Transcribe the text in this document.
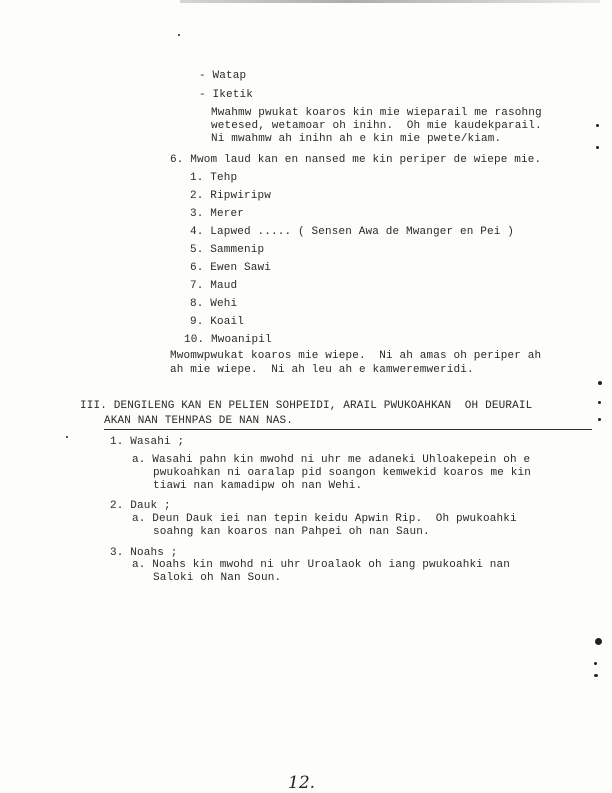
- Watap
- Iketik
Mwahmw pwukat koaros kin mie wieparail me rasohng
wetesed, wetamoar oh inihn.  Oh mie kaudekparail.
Ni mwahmw ah inihn ah e kin mie pwete/kiam.
6. Mwom laud kan en nansed me kin periper de wiepe mie.
1. Tehp
2. Ripwiripw
3. Merer
4. Lapwed ..... ( Sensen Awa de Mwanger en Pei )
5. Sammenip
6. Ewen Sawi
7. Maud
8. Wehi
9. Koail
10. Mwoanipil
Mwomwpwukat koaros mie wiepe.  Ni ah amas oh periper ah
ah mie wiepe.  Ni ah leu ah e kamweremweridi.
III. DENGILENG KAN EN PELIEN SOHPEIDI, ARAIL PWUKOAHKAN  OH DEURAIL
AKAN NAN TEHNPAS DE NAN NAS.
1. Wasahi ;
a. Wasahi pahn kin mwohd ni uhr me adaneki Uhloakepein oh e
pwukoahkan ni oaralap pid soangon kemwekid koaros me kin
tiawi nan kamadipw oh nan Wehi.
2. Dauk ;
a. Deun Dauk iei nan tepin keidu Apwin Rip.  Oh pwukoahki
soahng kan koaros nan Pahpei oh nan Saun.
3. Noahs ;
a. Noahs kin mwohd ni uhr Uroalaok oh iang pwukoahki nan
Saloki oh Nan Soun.
12.
